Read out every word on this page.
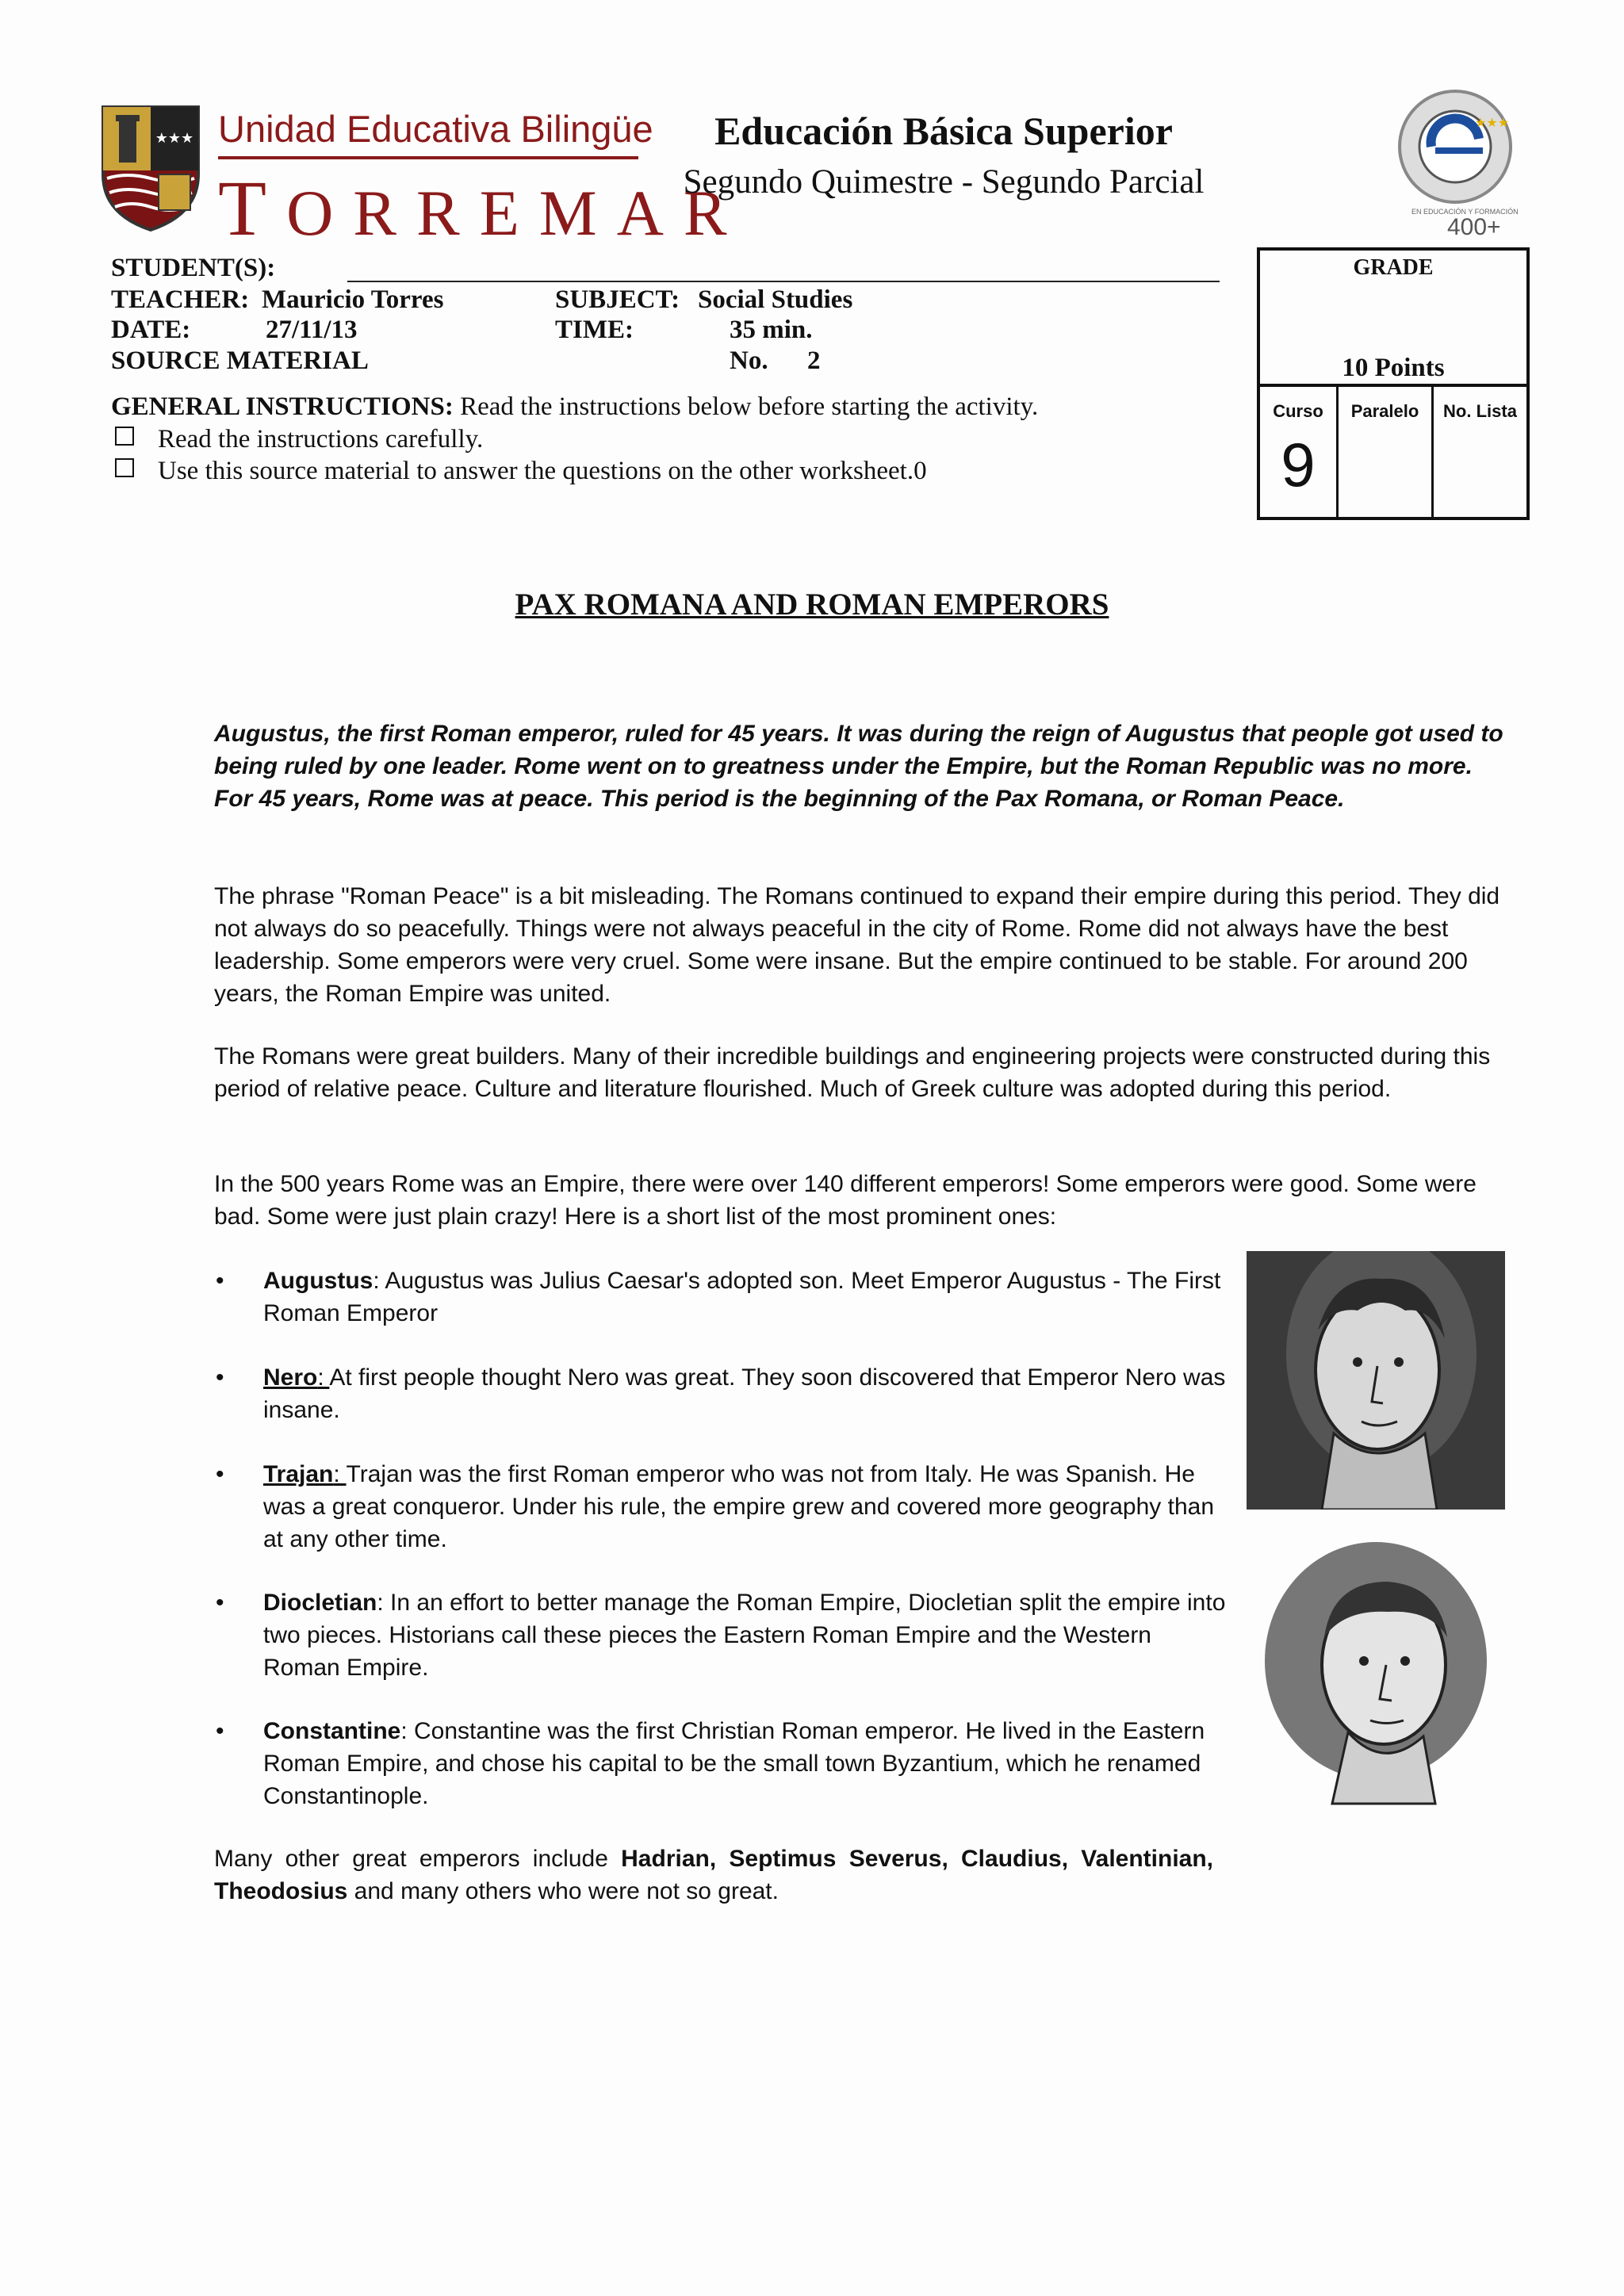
★★★ Unidad Educativa Bilingüe
TORREMAR
Educación Básica Superior
Segundo Quimestre - Segundo Parcial
★★★
EN EDUCACIÓN Y FORMACIÓN
400+
STUDENT(S):
TEACHER: Mauricio Torres	SUBJECT: Social Studies
DATE:	27/11/13	TIME:	35 min.
SOURCE MATERIAL	No. 2
GRADE
10 Points
Curso	Paralelo	No. Lista
9
GENERAL INSTRUCTIONS: Read the instructions below before starting the activity.
Read the instructions carefully.
Use this source material to answer the questions on the other worksheet.0
PAX ROMANA AND ROMAN EMPERORS
Augustus, the first Roman emperor, ruled for 45 years. It was during the reign of Augustus that people got used to being ruled by one leader. Rome went on to greatness under the Empire, but the Roman Republic was no more. For 45 years, Rome was at peace. This period is the beginning of the Pax Romana, or Roman Peace.
The phrase "Roman Peace" is a bit misleading. The Romans continued to expand their empire during this period. They did not always do so peacefully. Things were not always peaceful in the city of Rome. Rome did not always have the best leadership. Some emperors were very cruel. Some were insane. But the empire continued to be stable. For around 200 years, the Roman Empire was united.
The Romans were great builders. Many of their incredible buildings and engineering projects were constructed during this period of relative peace. Culture and literature flourished. Much of Greek culture was adopted during this period.
In the 500 years Rome was an Empire, there were over 140 different emperors! Some emperors were good. Some were bad. Some were just plain crazy! Here is a short list of the most prominent ones:
• Augustus: Augustus was Julius Caesar's adopted son. Meet Emperor Augustus - The First Roman Emperor
• Nero: At first people thought Nero was great. They soon discovered that Emperor Nero was insane.
• Trajan: Trajan was the first Roman emperor who was not from Italy. He was Spanish. He was a great conqueror. Under his rule, the empire grew and covered more geography than at any other time.
• Diocletian: In an effort to better manage the Roman Empire, Diocletian split the empire into two pieces. Historians call these pieces the Eastern Roman Empire and the Western Roman Empire.
• Constantine: Constantine was the first Christian Roman emperor. He lived in the Eastern Roman Empire, and chose his capital to be the small town Byzantium, which he renamed Constantinople.
Many other great emperors include Hadrian, Septimus Severus, Claudius, Valentinian, Theodosius and many others who were not so great.
